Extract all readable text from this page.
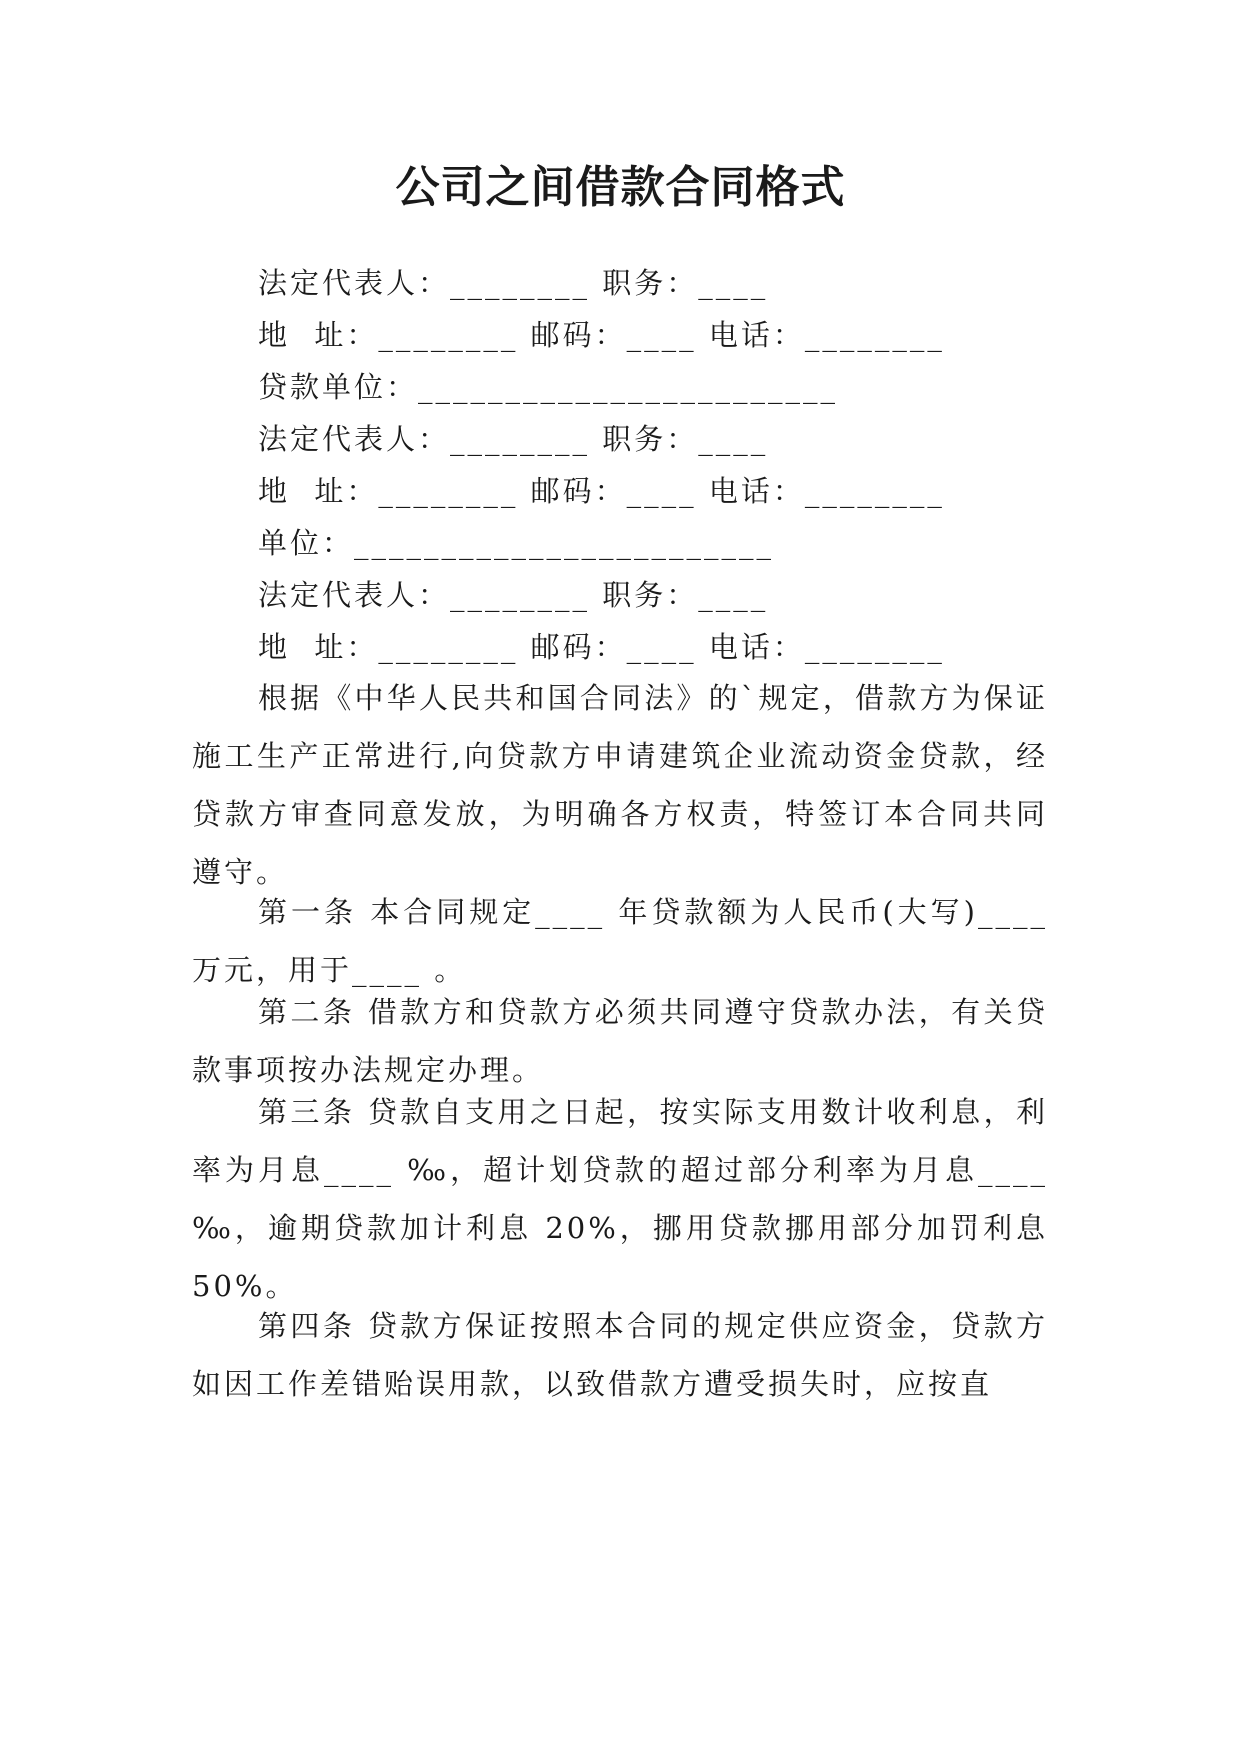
公司之间借款合同格式
法定代表人：________ 职务：____
地  址：________ 邮码：____ 电话：________
贷款单位：________________________
法定代表人：________ 职务：____
地  址：________ 邮码：____ 电话：________
单位：________________________
法定代表人：________ 职务：____
地  址：________ 邮码：____ 电话：________
根据《中华人民共和国合同法》的`规定，借款方为保证施工生产正常进行,向贷款方申请建筑企业流动资金贷款，经贷款方审查同意发放，为明确各方权责，特签订本合同共同遵守。
第一条 本合同规定____ 年贷款额为人民币(大写)____万元，用于____ 。
第二条 借款方和贷款方必须共同遵守贷款办法，有关贷款事项按办法规定办理。
第三条 贷款自支用之日起，按实际支用数计收利息，利率为月息____ ‰，超计划贷款的超过部分利率为月息____ ‰，逾期贷款加计利息 20%，挪用贷款挪用部分加罚利息 50%。
第四条 贷款方保证按照本合同的规定供应资金，贷款方如因工作差错贻误用款，以致借款方遭受损失时，应按直
